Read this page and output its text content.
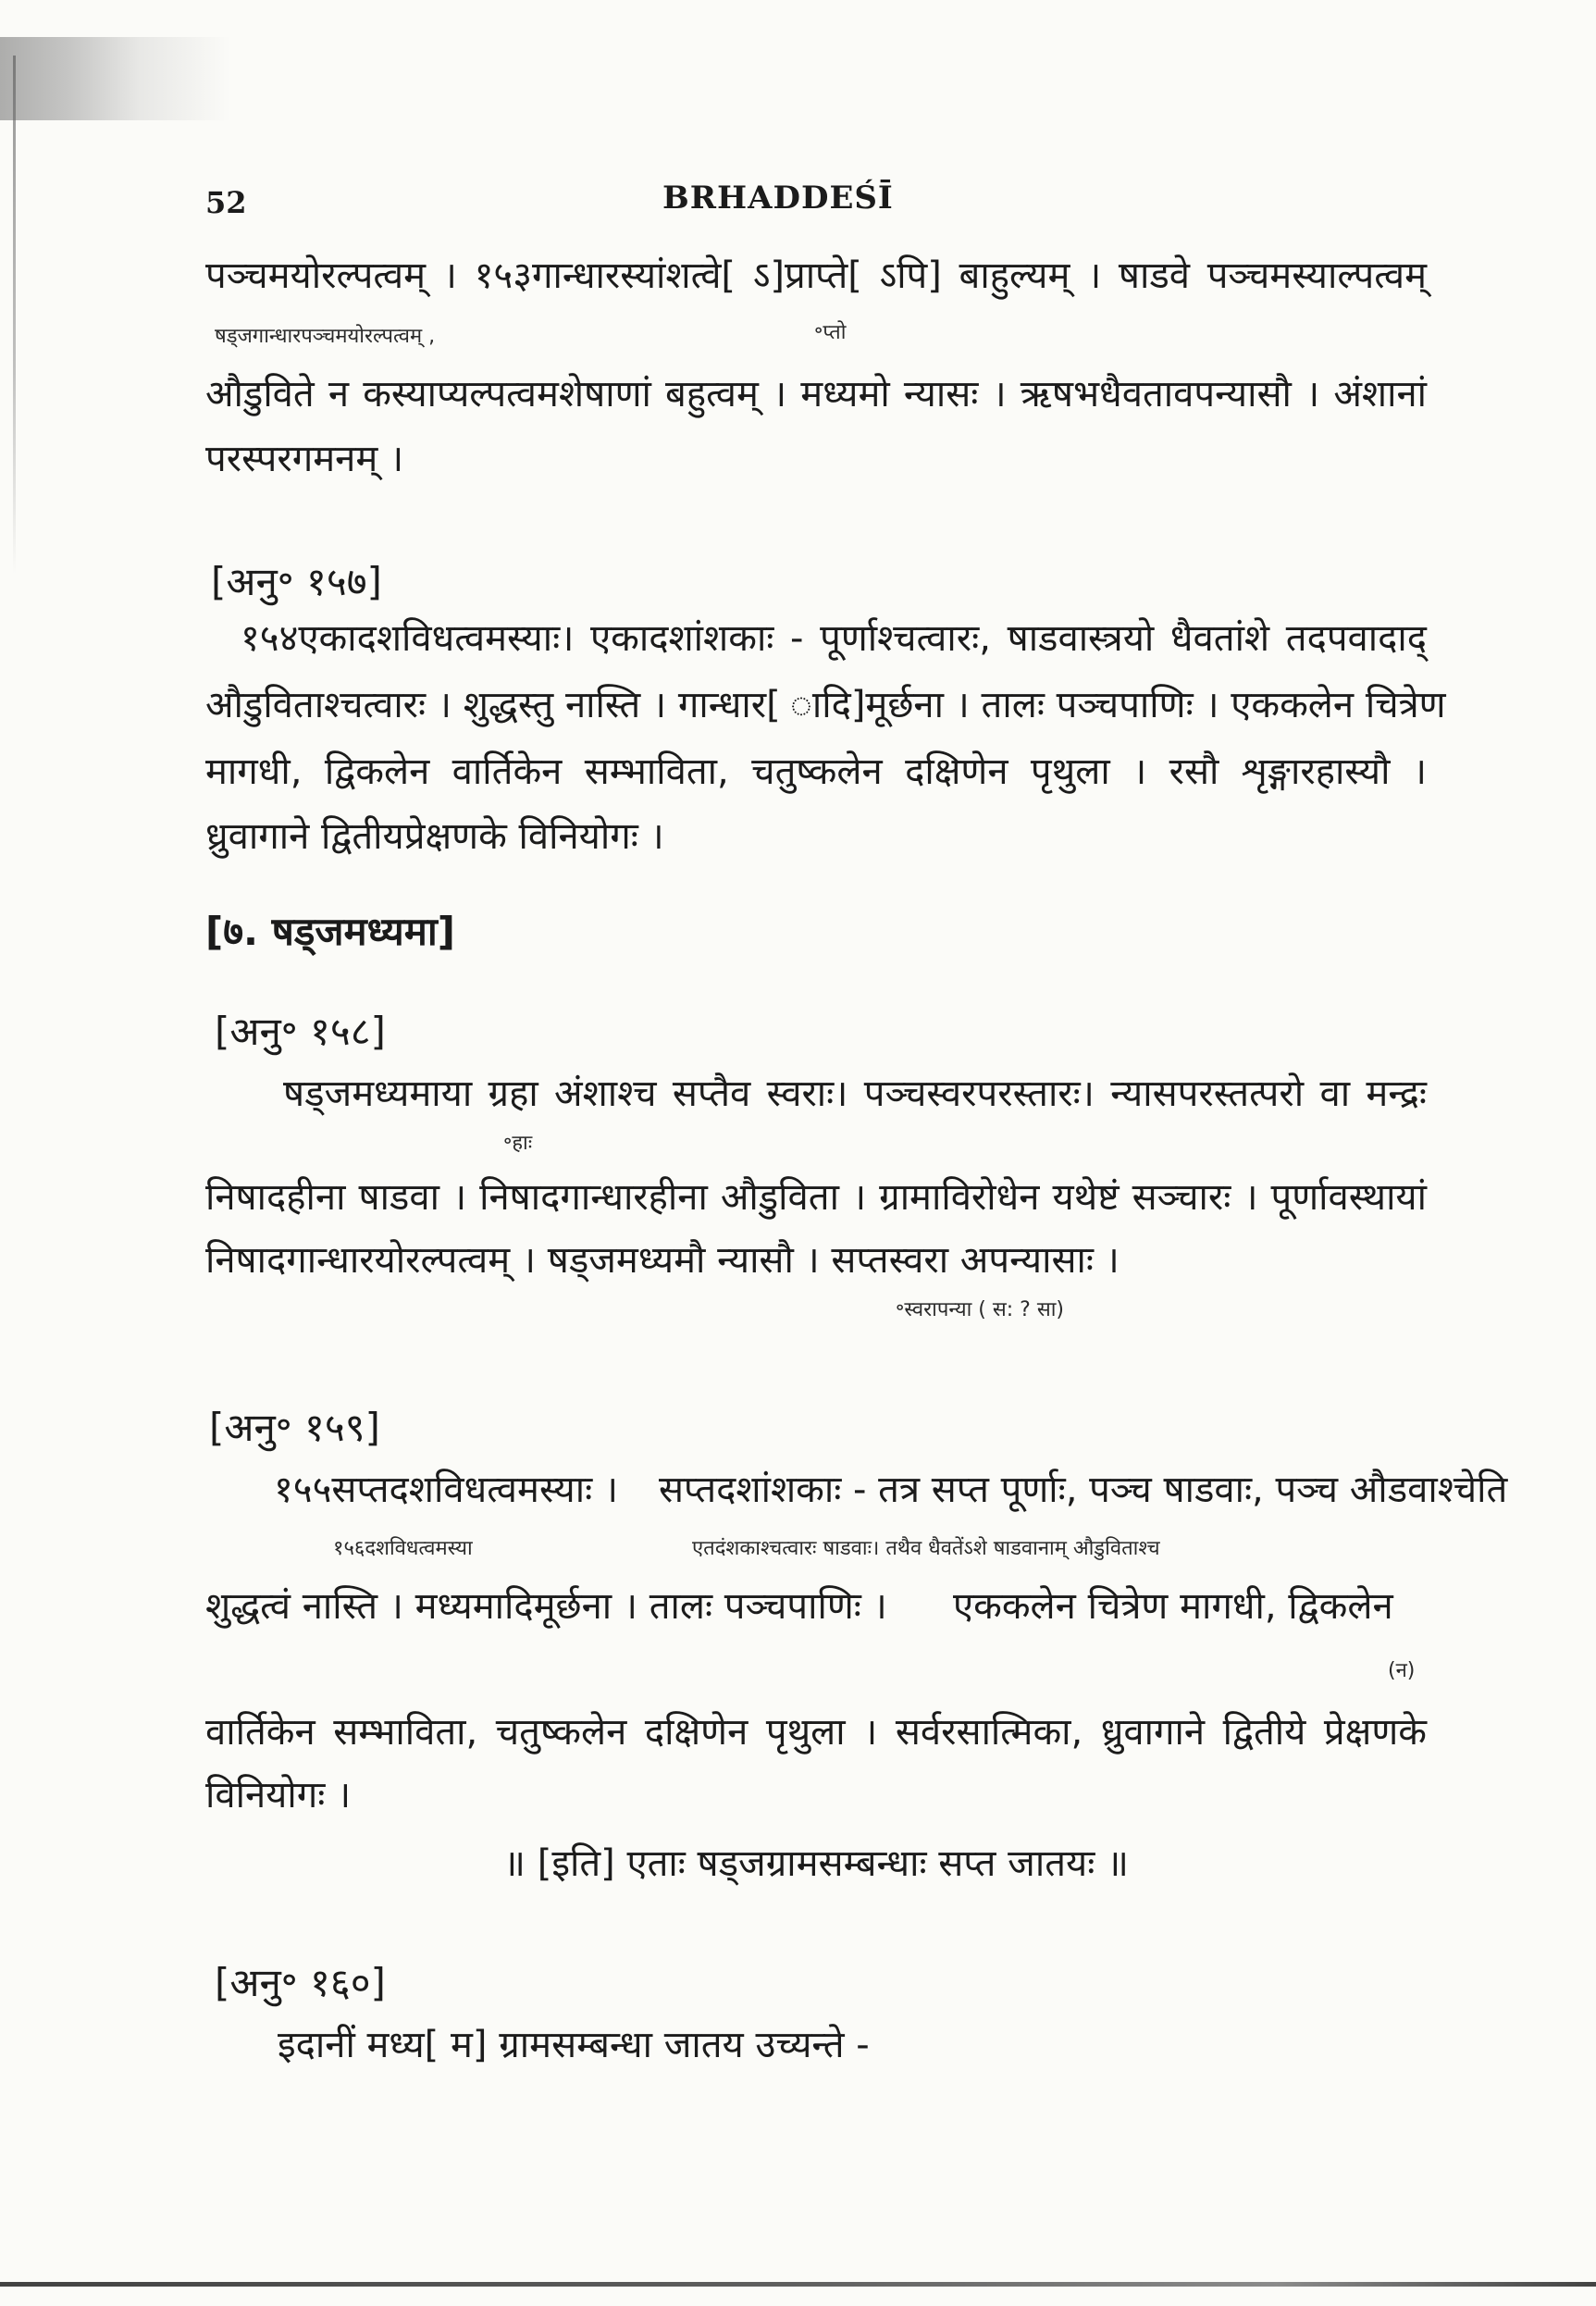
52	BRHADDEŚĪ
पञ्चमयोरल्पत्वम् । १५३गान्धारस्यांशत्वे[ ऽ]प्राप्ते[ ऽपि] बाहुल्यम् । षाडवे पञ्चमस्याल्पत्वम्
षड्जगान्धारपञ्चमयोरल्पत्वम् ,	॰प्तो
औडुविते न कस्याप्यल्पत्वमशेषाणां बहुत्वम् । मध्यमो न्यासः । ऋषभधैवतावपन्यासौ । अंशानां
परस्परगमनम् ।
[अनु॰ १५७]
१५४एकादशविधत्वमस्याः। एकादशांशकाः - पूर्णाश्चत्वारः, षाडवास्त्रयो धैवतांशे तदपवादाद्
औडुविताश्चत्वारः । शुद्धस्तु नास्ति । गान्धार[ ादि]मूर्छना । तालः पञ्चपाणिः । एककलेन चित्रेण
मागधी, द्विकलेन वार्तिकेन सम्भाविता, चतुष्कलेन दक्षिणेन पृथुला । रसौ शृङ्गारहास्यौ ।
ध्रुवागाने द्वितीयप्रेक्षणके विनियोगः ।
[७. षड्जमध्यमा]
[अनु॰ १५८]
षड्जमध्यमाया ग्रहा अंशाश्च सप्तैव स्वराः। पञ्चस्वरपरस्तारः। न्यासपरस्तत्परो वा मन्द्रः
॰हाः
निषादहीना षाडवा । निषादगान्धारहीना औडुविता । ग्रामाविरोधेन यथेष्टं सञ्चारः । पूर्णावस्थायां
निषादगान्धारयोरल्पत्वम् । षड्जमध्यमौ न्यासौ । सप्तस्वरा अपन्यासाः ।
॰स्वरापन्या ( स: ? सा)
[अनु॰ १५९]
१५५सप्तदशविधत्वमस्याः । सप्तदशांशकाः - तत्र सप्त पूर्णाः, पञ्च षाडवाः, पञ्च औडवाश्चेति
१५६दशविधत्वमस्या	एतदंशकाश्चत्वारः षाडवाः। तथैव धैवतेंऽशे षाडवानाम् औडुविताश्च
शुद्धत्वं नास्ति । मध्यमादिमूर्छना । तालः पञ्चपाणिः । एककलेन चित्रेण मागधी, द्विकलेन
(न)
वार्तिकेन सम्भाविता, चतुष्कलेन दक्षिणेन पृथुला । सर्वरसात्मिका, ध्रुवागाने द्वितीये प्रेक्षणके
विनियोगः ।
॥ [इति] एताः षड्जग्रामसम्बन्धाः सप्त जातयः ॥
[अनु॰ १६०]
इदानीं मध्य[ म] ग्रामसम्बन्धा जातय उच्यन्ते -
